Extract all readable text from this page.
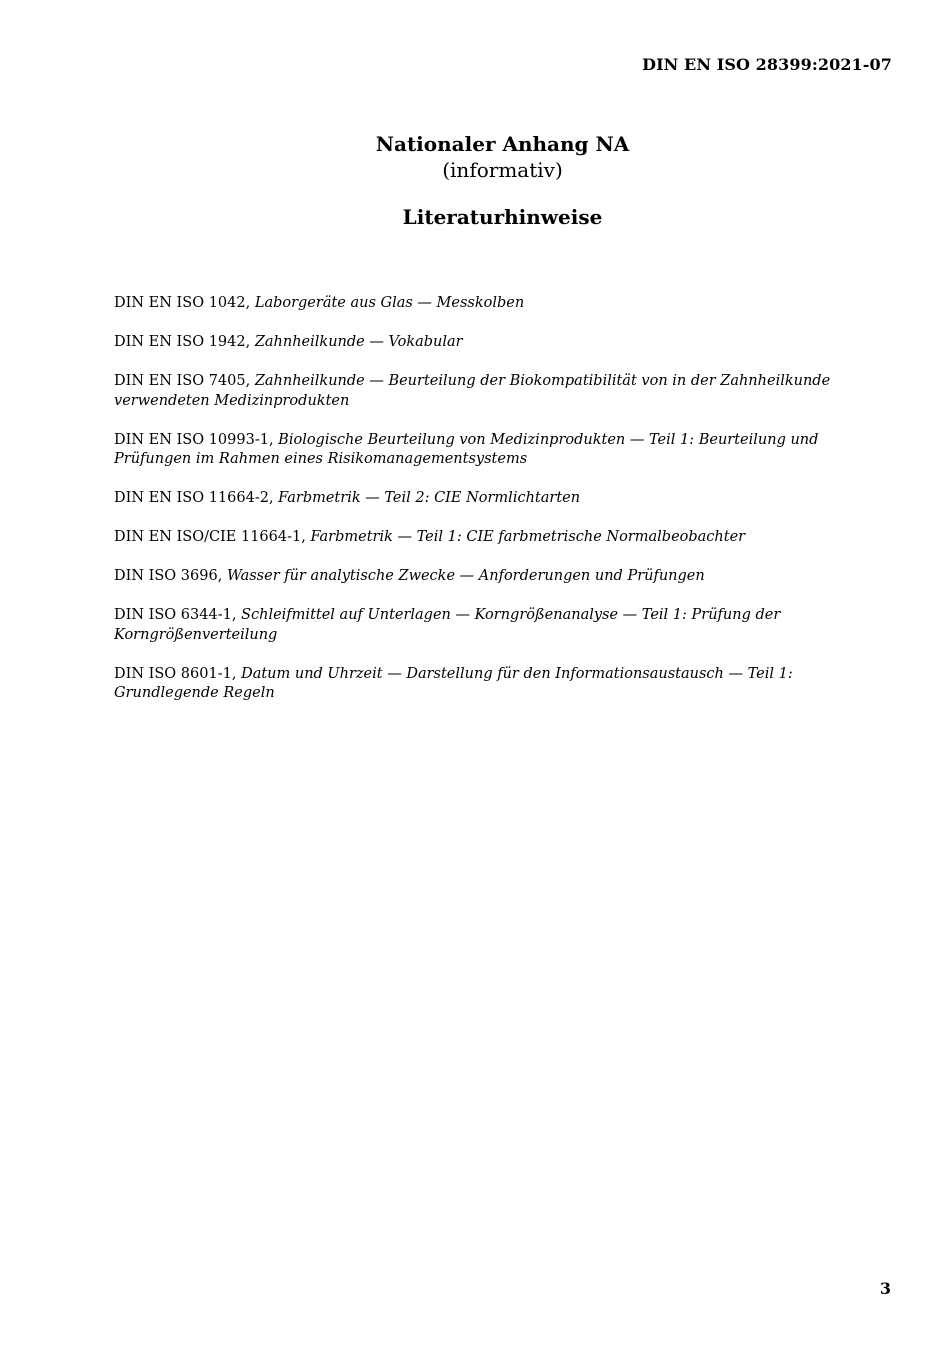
DIN EN ISO 28399:2021-07
Nationaler Anhang NA
(informativ)
Literaturhinweise

DIN EN ISO 1042, Laborgeräte aus Glas — Messkolben

DIN EN ISO 1942, Zahnheilkunde — Vokabular

DIN EN ISO 7405, Zahnheilkunde — Beurteilung der Biokompatibilität von in der Zahnheilkunde verwendeten Medizinprodukten

DIN EN ISO 10993-1, Biologische Beurteilung von Medizinprodukten — Teil 1: Beurteilung und Prüfungen im Rahmen eines Risikomanagementsystems

DIN EN ISO 11664-2, Farbmetrik — Teil 2: CIE Normlichtarten

DIN EN ISO/CIE 11664-1, Farbmetrik — Teil 1: CIE farbmetrische Normalbeobachter

DIN ISO 3696, Wasser für analytische Zwecke — Anforderungen und Prüfungen

DIN ISO 6344-1, Schleifmittel auf Unterlagen — Korngrößenanalyse — Teil 1: Prüfung der Korngrößenverteilung

DIN ISO 8601-1, Datum und Uhrzeit — Darstellung für den Informationsaustausch — Teil 1: Grundlegende Regeln

3
